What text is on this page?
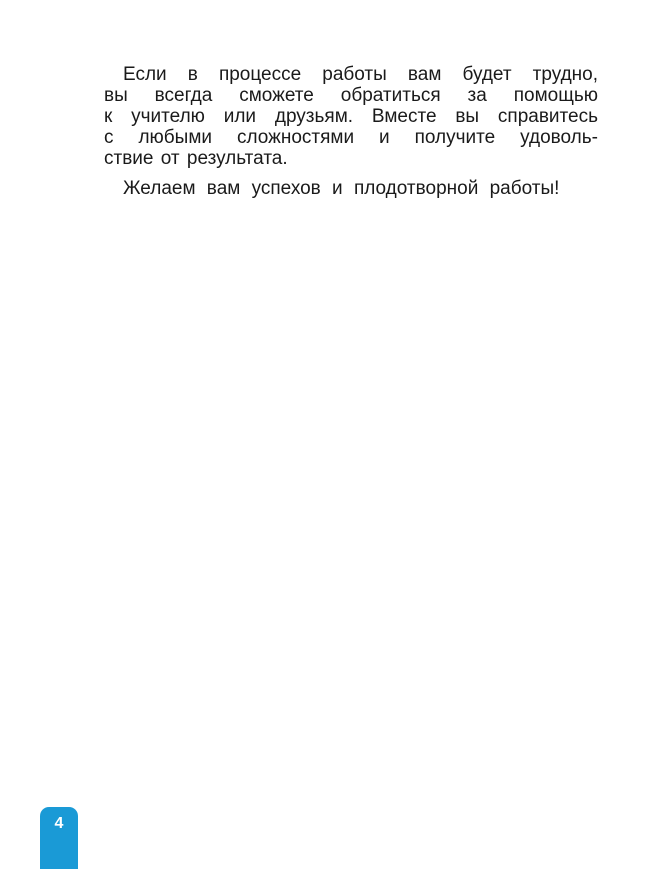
Если в процессе работы вам будет трудно,
вы всегда сможете обратиться за помощью
к учителю или друзьям. Вместе вы справитесь
с любыми сложностями и получите удоволь-
ствие от результата.

Желаем вам успехов и плодотворной работы!

4
